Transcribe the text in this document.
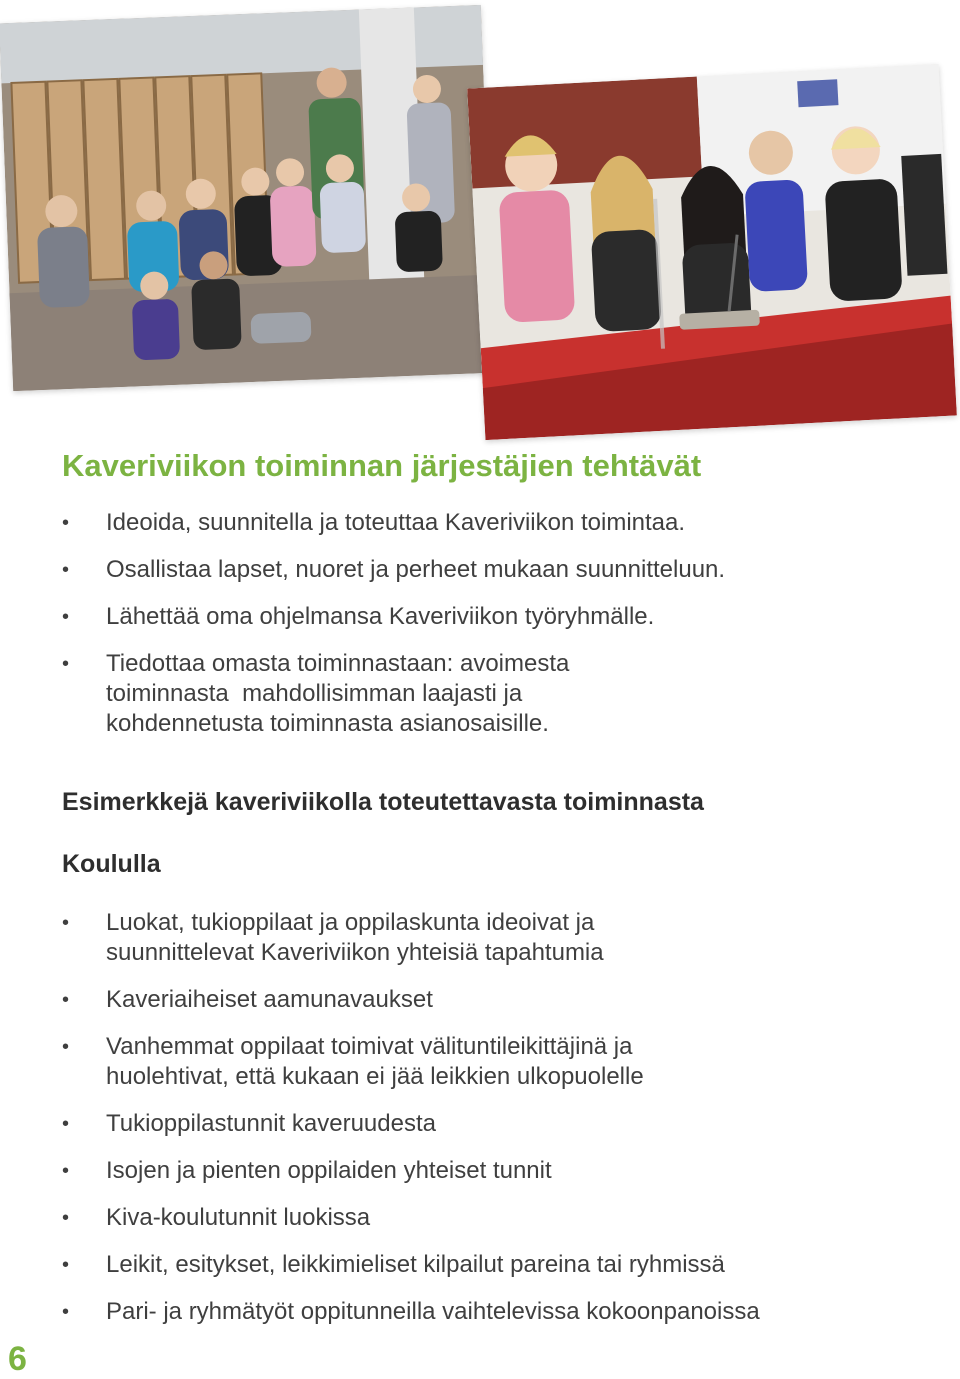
Kaveriviikon toiminnan järjestäjien tehtävät
• Ideoida, suunnitella ja toteuttaa Kaveriviikon toimintaa.
• Osallistaa lapset, nuoret ja perheet mukaan suunnitteluun.
• Lähettää oma ohjelmansa Kaveriviikon työryhmälle.
• Tiedottaa omasta toiminnastaan: avoimesta
toiminnasta  mahdollisimman laajasti ja
kohdennetusta toiminnasta asianosaisille.
Esimerkkejä kaveriviikolla toteutettavasta toiminnasta
Koululla
• Luokat, tukioppilaat ja oppilaskunta ideoivat ja
suunnittelevat Kaveriviikon yhteisiä tapahtumia
• Kaveriaiheiset aamunavaukset
• Vanhemmat oppilaat toimivat välituntileikittäjinä ja
huolehtivat, että kukaan ei jää leikkien ulkopuolelle
• Tukioppilastunnit kaveruudesta
• Isojen ja pienten oppilaiden yhteiset tunnit
• Kiva-koulutunnit luokissa
• Leikit, esitykset, leikkimieliset kilpailut pareina tai ryhmissä
• Pari- ja ryhmätyöt oppitunneilla vaihtelevissa kokoonpanoissa
6
